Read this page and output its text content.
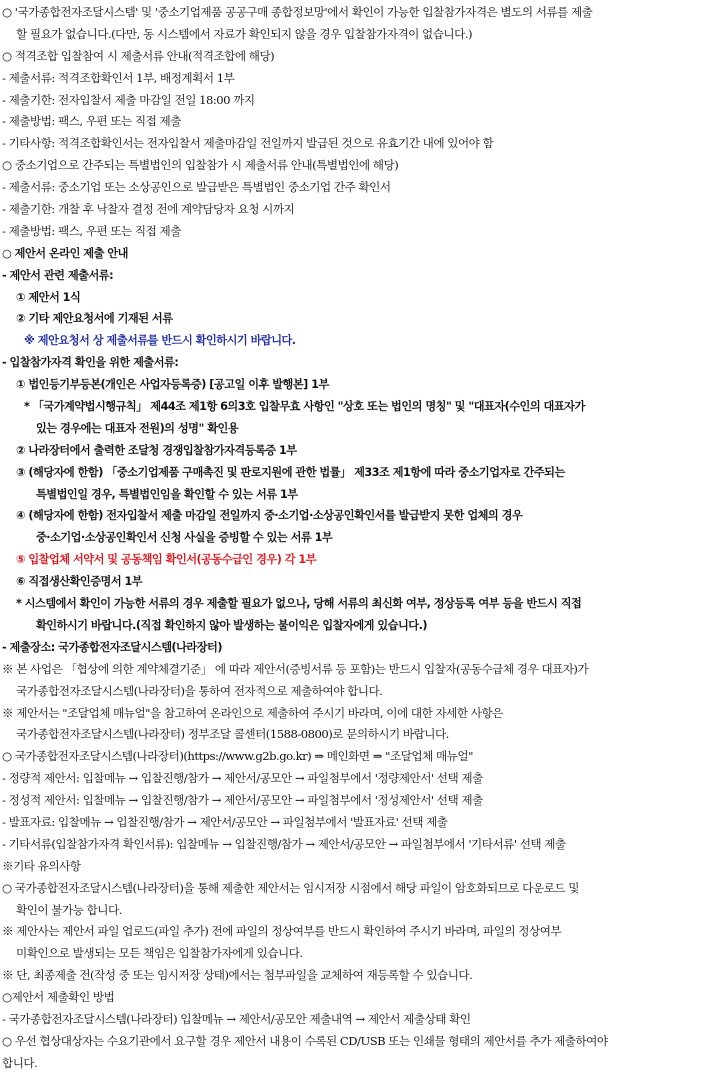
○ '국가종합전자조달시스템' 및 '중소기업제품 공공구매 종합정보망'에서 확인이 가능한 입찰참가자격은 별도의 서류를 제출
할 필요가 없습니다.(다만, 동 시스템에서 자료가 확인되지 않을 경우 입찰참가자격이 없습니다.)
○ 적격조합 입찰참여 시 제출서류 안내(적격조합에 해당)
- 제출서류: 적격조합확인서 1부, 배정계획서 1부
- 제출기한: 전자입찰서 제출 마감일 전일 18:00 까지
- 제출방법: 팩스, 우편 또는 직접 제출
- 기타사항: 적격조합확인서는 전자입찰서 제출마감일 전일까지 발급된 것으로 유효기간 내에 있어야 함
○ 중소기업으로 간주되는 특별법인의 입찰참가 시 제출서류 안내(특별법인에 해당)
- 제출서류: 중소기업 또는 소상공인으로 발급받은 특별법인 중소기업 간주 확인서
- 제출기한: 개찰 후 낙찰자 결정 전에 계약담당자 요청 시까지
- 제출방법: 팩스, 우편 또는 직접 제출
○ 제안서 온라인 제출 안내
- 제안서 관련 제출서류:
① 제안서 1식
② 기타 제안요청서에 기재된 서류
※ 제안요청서 상 제출서류를 반드시 확인하시기 바랍니다.
- 입찰참가자격 확인을 위한 제출서류:
① 법인등기부등본(개인은 사업자등록증) [공고일 이후 발행본] 1부
* 「국가계약법시행규칙」 제44조 제1항 6의3호 입찰무효 사항인 "상호 또는 법인의 명칭" 및 "대표자(수인의 대표자가
있는 경우에는 대표자 전원)의 성명" 확인용
② 나라장터에서 출력한 조달청 경쟁입찰참가자격등록증 1부
③ (해당자에 한함) 「중소기업제품 구매촉진 및 판로지원에 관한 법률」 제33조 제1항에 따라 중소기업자로 간주되는
특별법인일 경우, 특별법인임을 확인할 수 있는 서류 1부
④ (해당자에 한함) 전자입찰서 제출 마감일 전일까지 중·소기업·소상공인확인서를 발급받지 못한 업체의 경우
중·소기업·소상공인확인서 신청 사실을 증빙할 수 있는 서류 1부
⑤ 입찰업체 서약서 및 공동책임 확인서(공동수급인 경우) 각 1부
⑥ 직접생산확인증명서 1부
* 시스템에서 확인이 가능한 서류의 경우 제출할 필요가 없으나, 당해 서류의 최신화 여부, 정상등록 여부 등을 반드시 직접
확인하시기 바랍니다.(직접 확인하지 않아 발생하는 불이익은 입찰자에게 있습니다.)
- 제출장소: 국가종합전자조달시스템(나라장터)
※ 본 사업은 「협상에 의한 계약체결기준」 에 따라 제안서(증빙서류 등 포함)는 반드시 입찰자(공동수급체 경우 대표자)가
국가종합전자조달시스템(나라장터)을 통하여 전자적으로 제출하여야 합니다.
※ 제안서는 "조달업체 매뉴얼"을 참고하여 온라인으로 제출하여 주시기 바라며, 이에 대한 자세한 사항은
국가종합전자조달시스템(나라장터) 정부조달 콜센터(1588-0800)로 문의하시기 바랍니다.
○ 국가종합전자조달시스템(나라장터)(https://www.g2b.go.kr) ⇒ 메인화면 ⇒ "조달업체 매뉴얼"
- 정량적 제안서: 입찰메뉴 → 입찰진행/참가 → 제안서/공모안 → 파일첨부에서 '정량제안서' 선택 제출
- 정성적 제안서: 입찰메뉴 → 입찰진행/참가 → 제안서/공모안 → 파일첨부에서 '정성제안서' 선택 제출
- 발표자료: 입찰메뉴 → 입찰진행/참가 → 제안서/공모안 → 파일첨부에서 '발표자료' 선택 제출
- 기타서류(입찰참가자격 확인서류): 입찰메뉴 → 입찰진행/참가 → 제안서/공모안 → 파일첨부에서 '기타서류' 선택 제출
※기타 유의사항
○ 국가종합전자조달시스템(나라장터)을 통해 제출한 제안서는 임시저장 시점에서 해당 파일이 암호화되므로 다운로드 및
확인이 불가능 합니다.
※ 제안사는 제안서 파일 업로드(파일 추가) 전에 파일의 정상여부를 반드시 확인하여 주시기 바라며, 파일의 정상여부
미확인으로 발생되는 모든 책임은 입찰참가자에게 있습니다.
※ 단, 최종제출 전(작성 중 또는 임시저장 상태)에서는 첨부파일을 교체하여 재등록할 수 있습니다.
○제안서 제출확인 방법
- 국가종합전자조달시스템(나라장터) 입찰메뉴 → 제안서/공모안 제출내역 → 제안서 제출상태 확인
○ 우선 협상대상자는 수요기관에서 요구할 경우 제안서 내용이 수록된 CD/USB 또는 인쇄물 형태의 제안서를 추가 제출하여야
합니다.
